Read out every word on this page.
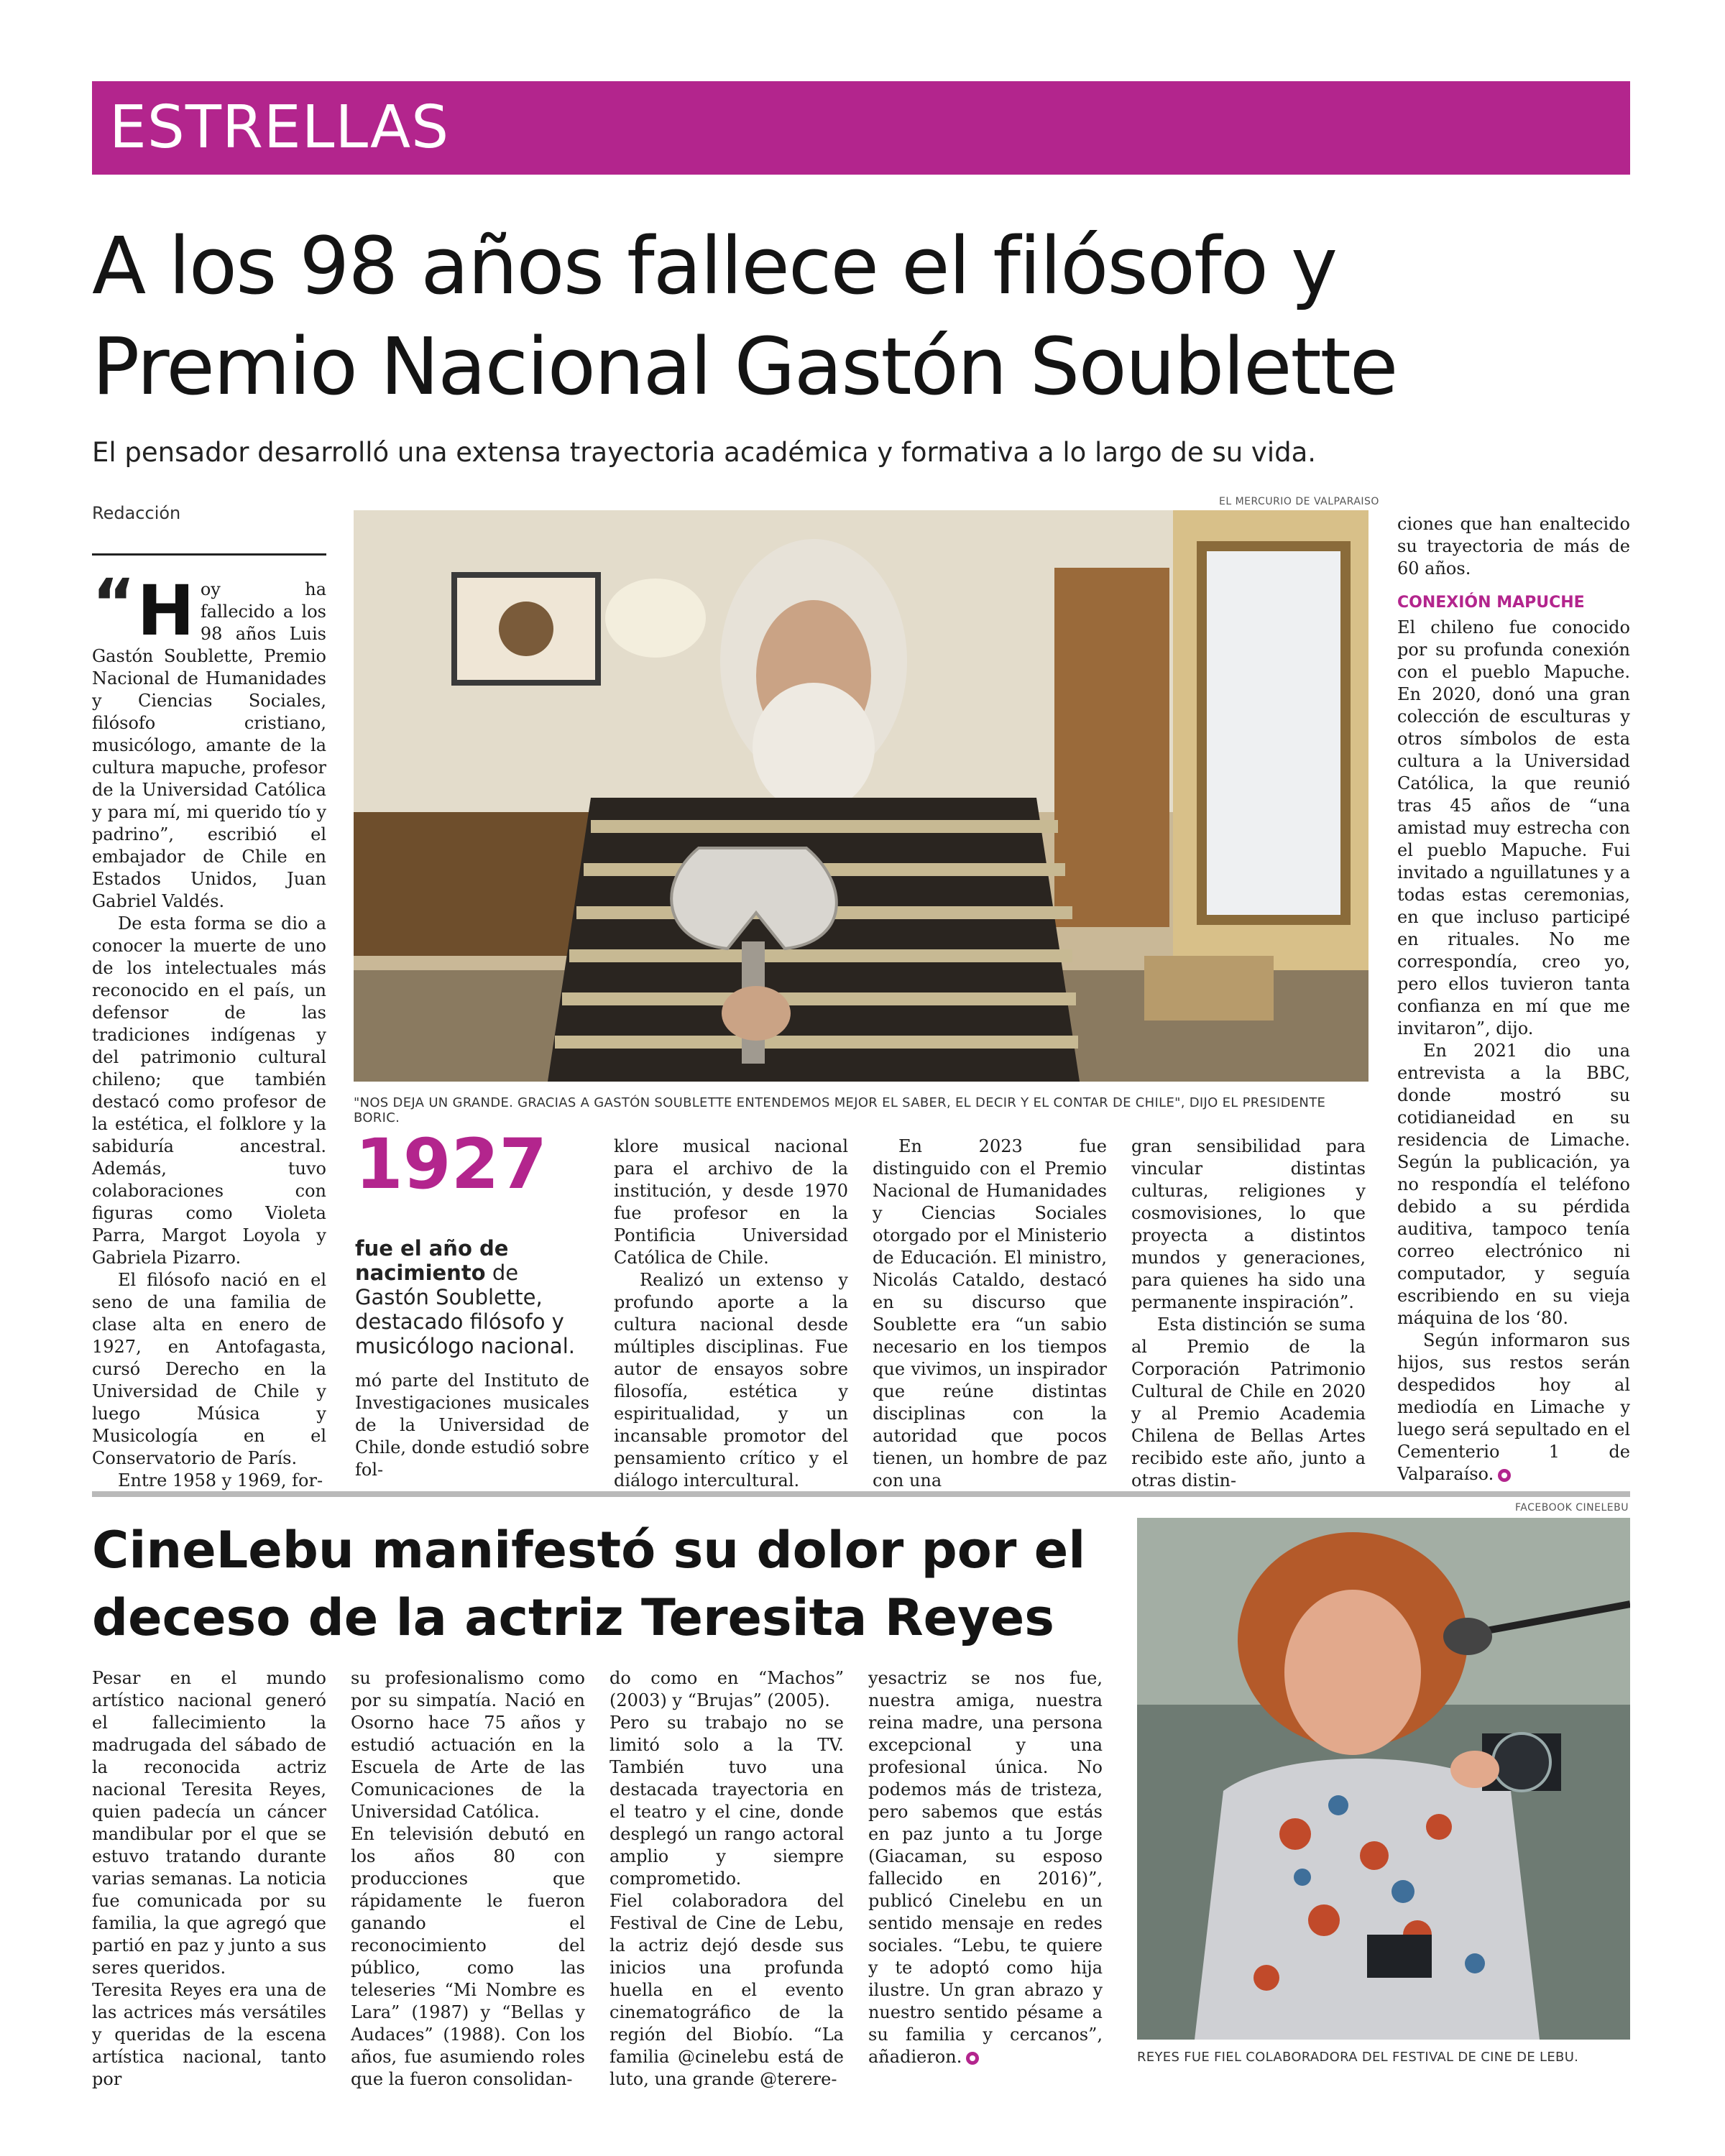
ESTRELLAS
A los 98 años fallece el filósofo y
Premio Nacional Gastón Soublette
El pensador desarrolló una extensa trayectoria académica y formativa a lo largo de su vida.
Redacción
EL MERCURIO DE VALPARAISO
"NOS DEJA UN GRANDE. GRACIAS A GASTÓN SOUBLETTE ENTENDEMOS MEJOR EL SABER, EL DECIR Y EL CONTAR DE CHILE", DIJO EL PRESIDENTE BORIC.

“ H oy ha fallecido a los 98 años Luis Gastón Soublette, Premio Nacional de Humanidades y Ciencias Sociales, filósofo cristiano, musicólogo, amante de la cultura mapuche, profesor de la Universidad Católica y para mí, mi querido tío y padrino”, escribió el embajador de Chile en Estados Unidos, Juan Gabriel Valdés.

De esta forma se dio a conocer la muerte de uno de los intelectuales más reconocido en el país, un defensor de las tradiciones indígenas y del patrimonio cultural chileno; que también destacó como profesor de la estética, el folklore y la sabiduría ancestral. Además, tuvo colaboraciones con figuras como Violeta Parra, Margot Loyola y Gabriela Pizarro.

El filósofo nació en el seno de una familia de clase alta en enero de 1927, en Antofagasta, cursó Derecho en la Universidad de Chile y luego Música y Musicología en el Conservatorio de París.

Entre 1958 y 1969, for-

1927
fue el año de nacimiento de Gastón Soublette, destacado filósofo y musicólogo nacional.

mó parte del Instituto de Investigaciones musicales de la Universidad de Chile, donde estudió sobre fol-

klore musical nacional para el archivo de la institución, y desde 1970 fue profesor en la Pontificia Universidad Católica de Chile.

Realizó un extenso y profundo aporte a la cultura nacional desde múltiples disciplinas. Fue autor de ensayos sobre filosofía, estética y espiritualidad, y un incansable promotor del pensamiento crítico y el diálogo intercultural.

En 2023 fue distinguido con el Premio Nacional de Humanidades y Ciencias Sociales otorgado por el Ministerio de Educación. El ministro, Nicolás Cataldo, destacó en su discurso que Soublette era “un sabio necesario en los tiempos que vivimos, un inspirador que reúne distintas disciplinas con la autoridad que pocos tienen, un hombre de paz con una

gran sensibilidad para vincular distintas culturas, religiones y cosmovisiones, lo que proyecta a distintos mundos y generaciones, para quienes ha sido una permanente inspiración”.

Esta distinción se suma al Premio de la Corporación Patrimonio Cultural de Chile en 2020 y al Premio Academia Chilena de Bellas Artes recibido este año, junto a otras distin-

ciones que han enaltecido su trayectoria de más de 60 años.

CONEXIÓN MAPUCHE

El chileno fue conocido por su profunda conexión con el pueblo Mapuche. En 2020, donó una gran colección de esculturas y otros símbolos de esta cultura a la Universidad Católica, la que reunió tras 45 años de “una amistad muy estrecha con el pueblo Mapuche. Fui invitado a nguillatunes y a todas estas ceremonias, en que incluso participé en rituales. No me correspondía, creo yo, pero ellos tuvieron tanta confianza en mí que me invitaron”, dijo.

En 2021 dio una entrevista a la BBC, donde mostró su cotidianeidad en su residencia de Limache. Según la publicación, ya no respondía el teléfono debido a su pérdida auditiva, tampoco tenía correo electrónico ni computador, y seguía escribiendo en su vieja máquina de los ‘80.

Según informaron sus hijos, sus restos serán despedidos hoy al mediodía en Limache y luego será sepultado en el Cementerio 1 de Valparaíso.

CineLebu manifestó su dolor por el
deceso de la actriz Teresita Reyes
FACEBOOK CINELEBU
REYES FUE FIEL COLABORADORA DEL FESTIVAL DE CINE DE LEBU.

Pesar en el mundo artístico nacional generó el fallecimiento la madrugada del sábado de la reconocida actriz nacional Teresita Reyes, quien padecía un cáncer mandibular por el que se estuvo tratando durante varias semanas. La noticia fue comunicada por su familia, la que agregó que partió en paz y junto a sus seres queridos.

Teresita Reyes era una de las actrices más versátiles y queridas de la escena artística nacional, tanto por

su profesionalismo como por su simpatía. Nació en Osorno hace 75 años y estudió actuación en la Escuela de Arte de las Comunicaciones de la Universidad Católica.

En televisión debutó en los años 80 con producciones que rápidamente le fueron ganando el reconocimiento del público, como las teleseries “Mi Nombre es Lara” (1987) y “Bellas y Audaces” (1988). Con los años, fue asumiendo roles que la fueron consolidan-

do como en “Machos” (2003) y “Brujas” (2005).

Pero su trabajo no se limitó solo a la TV. También tuvo una destacada trayectoria en el teatro y el cine, donde desplegó un rango actoral amplio y siempre comprometido.

Fiel colaboradora del Festival de Cine de Lebu, la actriz dejó desde sus inicios una profunda huella en el evento cinematográfico de la región del Biobío. “La familia @cinelebu está de luto, una grande @terere-

yesactriz se nos fue, nuestra amiga, nuestra reina madre, una persona excepcional y una profesional única. No podemos más de tristeza, pero sabemos que estás en paz junto a tu Jorge (Giacaman, su esposo fallecido en 2016)”, publicó Cinelebu en un sentido mensaje en redes sociales. “Lebu, te quiere y te adoptó como hija ilustre. Un gran abrazo y nuestro sentido pésame a su familia y cercanos”, añadieron.
